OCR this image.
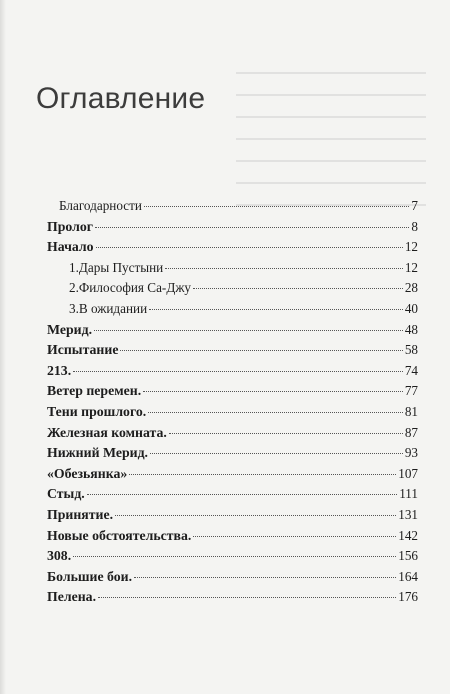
Оглавление
Благодарности	7
Пролог	8
Начало	12
1.Дары Пустыни	12
2.Философия Са-Джу	28
3.В ожидании	40
Мерид.	48
Испытание	58
213.	74
Ветер перемен.	77
Тени прошлого.	81
Железная комната.	87
Нижний Мерид.	93
«Обезьянка»	107
Стыд.	111
Принятие.	131
Новые обстоятельства.	142
308.	156
Большие бои.	164
Пелена.	176
